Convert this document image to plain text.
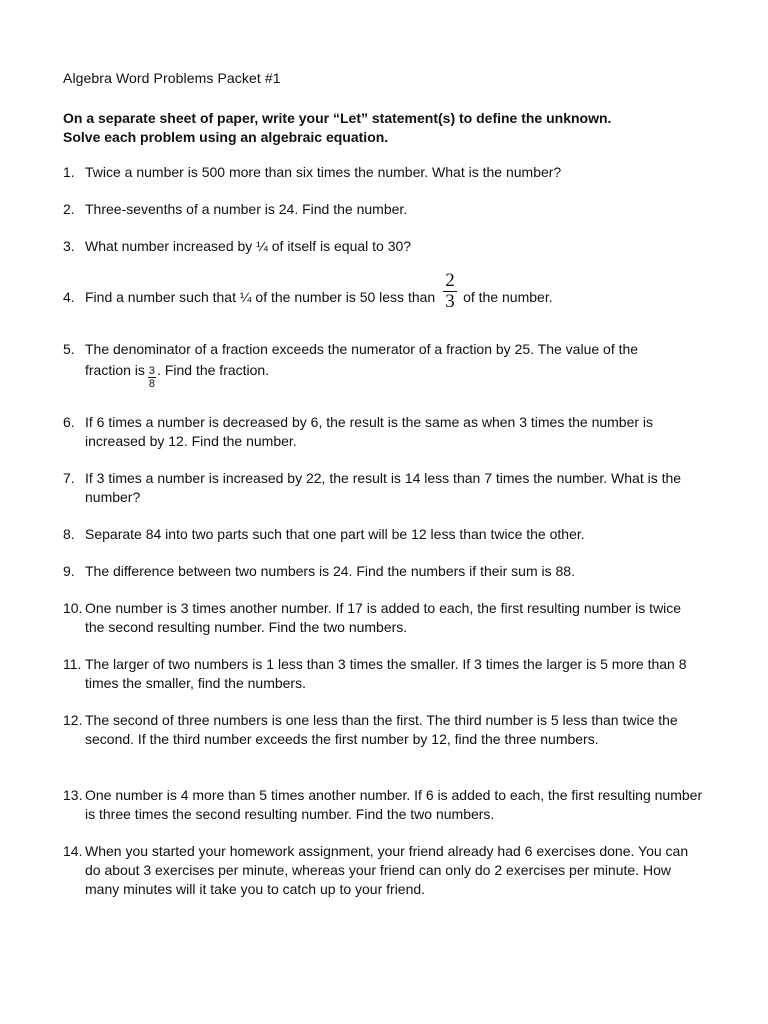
Algebra Word Problems Packet #1
On a separate sheet of paper, write your “Let” statement(s) to define the unknown.
Solve each problem using an algebraic equation.
1. Twice a number is 500 more than six times the number. What is the number?
2. Three-sevenths of a number is 24. Find the number.
3. What number increased by ¼ of itself is equal to 30?
4. Find a number such that ¼ of the number is 50 less than $\frac{2}{3}$ of the number.
5. The denominator of a fraction exceeds the numerator of a fraction by 25. The value of the
fraction is $\frac{3}{8}$ . Find the fraction.
6. If 6 times a number is decreased by 6, the result is the same as when 3 times the number is increased by 12. Find the number.
7. If 3 times a number is increased by 22, the result is 14 less than 7 times the number. What is the number?
8. Separate 84 into two parts such that one part will be 12 less than twice the other.
9. The difference between two numbers is 24. Find the numbers if their sum is 88.
10. One number is 3 times another number. If 17 is added to each, the first resulting number is twice the second resulting number. Find the two numbers.
11. The larger of two numbers is 1 less than 3 times the smaller. If 3 times the larger is 5 more than 8 times the smaller, find the numbers.
12. The second of three numbers is one less than the first. The third number is 5 less than twice the second. If the third number exceeds the first number by 12, find the three numbers.
13. One number is 4 more than 5 times another number. If 6 is added to each, the first resulting number is three times the second resulting number. Find the two numbers.
14. When you started your homework assignment, your friend already had 6 exercises done. You can do about 3 exercises per minute, whereas your friend can only do 2 exercises per minute. How many minutes will it take you to catch up to your friend.
